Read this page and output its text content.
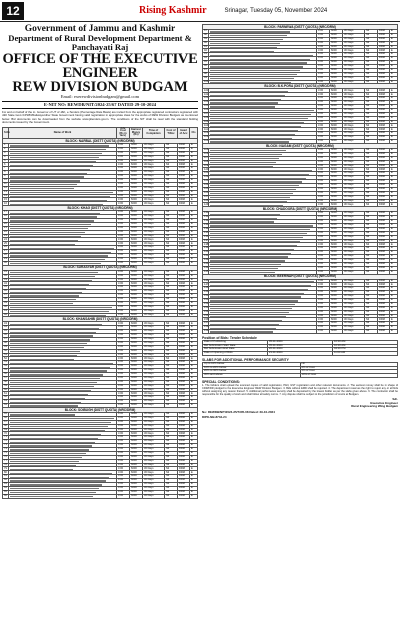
12	Rising Kashmir	Srinagar, Tuesday 05, November 2024
Government of Jammu and Kashmir
Department of Rural Development Department & Panchayati Raj
OFFICE OF THE EXECUTIVE ENGINEER
REW DIVISION BUDGAM
Email: exerewdivisionbudgam@gmail.com
E-NIT NO: REWDB/NIT/2024-25/67 DATED 29-10-2024
For and on behalf of the Lt. Governor of UT of J&K, e-Tenders (Percentage Rate Basis) are invited from the appropriate registered contractors registered with J&K State Govt./CPWD/Railways/other State Government having valid registration in appropriate class for the works of REW Division Budgam as mentioned below. Bid documents can be downloaded from the website www.jktenders.gov.in. The conditions of the NIT shall be read with the standard bidding documents issued by the Government.
S.No	Name of Work	Adv. Cost (Rs in lacs)	Earnest Money (Rs)	Time of Completion	Cost of T/Doc	Head of Acc	Cls
BLOCK: NARBAL (DISTT QUOTA) (NRC/DRM)							
1		3.00	6000	30 Days	Nil	DRM	E
2		3.00	6000	30 Days	Nil	DRM	E
3		3.00	6000	30 Days	Nil	DRM	E
4		3.00	6000	30 Days	Nil	DRM	E
5		3.00	6000	30 Days	Nil	DRM	E
6		3.00	6000	30 Days	Nil	DRM	E
7		3.00	6000	30 Days	Nil	DRM	E
8		3.00	6000	30 Days	Nil	DRM	E
9		3.00	6000	30 Days	Nil	DRM	E
10		3.00	6000	30 Days	Nil	DRM	E
11		3.00	6000	30 Days	Nil	DRM	E
12		3.00	6000	30 Days	Nil	DRM	E
13		3.00	6000	30 Days	Nil	DRM	E
14		3.00	6000	30 Days	Nil	DRM	E
15		3.00	6000	30 Days	Nil	DRM	E
16		3.00	6000	30 Days	Nil	DRM	E
BLOCK: KHAG (DISTT QUOTA) (NRC/DRM)							
17		3.00	6000	30 Days	Nil	DRM	E
18		3.00	6000	30 Days	Nil	DRM	E
19		3.00	6000	30 Days	Nil	DRM	E
20		3.00	6000	30 Days	Nil	DRM	E
21		3.00	6000	30 Days	Nil	DRM	E
22		3.00	6000	30 Days	Nil	DRM	E
23		3.00	6000	30 Days	Nil	DRM	E
24		3.00	6000	30 Days	Nil	DRM	E
25		3.00	6000	30 Days	Nil	DRM	E
26		3.00	6000	30 Days	Nil	DRM	E
27		3.00	6000	30 Days	Nil	DRM	E
28		3.00	6000	30 Days	Nil	DRM	E
29		3.00	6000	30 Days	Nil	DRM	E
30		3.00	6000	30 Days	Nil	DRM	E
BLOCK: SURASYAR (DISTT QUOTA) (NRC/DRM)							
31		3.00	6000	30 Days	Nil	DRM	E
32		3.00	6000	30 Days	Nil	DRM	E
33		3.00	6000	30 Days	Nil	DRM	E
34		3.00	6000	30 Days	Nil	DRM	E
35		3.00	6000	30 Days	Nil	DRM	E
36		3.00	6000	30 Days	Nil	DRM	E
37		3.00	6000	30 Days	Nil	DRM	E
38		3.00	6000	30 Days	Nil	DRM	E
39		3.00	6000	30 Days	Nil	DRM	E
40		3.00	6000	30 Days	Nil	DRM	E
41		3.00	6000	30 Days	Nil	DRM	E
42		3.00	6000	30 Days	Nil	DRM	E
BLOCK: KHANSAHIB (DISTT QUOTA) (NRC/DRM)							
43		3.00	6000	30 Days	Nil	DRM	E
44		3.00	6000	30 Days	Nil	DRM	E
45		3.00	6000	30 Days	Nil	DRM	E
46		3.00	6000	30 Days	Nil	DRM	E
47		3.00	6000	30 Days	Nil	DRM	E
48		3.00	6000	30 Days	Nil	DRM	E
49		3.00	6000	30 Days	Nil	DRM	E
50		3.00	6000	30 Days	Nil	DRM	E
51		3.00	6000	30 Days	Nil	DRM	E
52		3.00	6000	30 Days	Nil	DRM	E
53		3.00	6000	30 Days	Nil	DRM	E
54		3.00	6000	30 Days	Nil	DRM	E
55		3.00	6000	30 Days	Nil	DRM	E
56		3.00	6000	30 Days	Nil	DRM	E
57		3.00	6000	30 Days	Nil	DRM	E
58		3.00	6000	30 Days	Nil	DRM	E
59		3.00	6000	30 Days	Nil	DRM	E
60		3.00	6000	30 Days	Nil	DRM	E
61		3.00	6000	30 Days	Nil	DRM	E
62		3.00	6000	30 Days	Nil	DRM	E
63		3.00	6000	30 Days	Nil	DRM	E
64		3.00	6000	30 Days	Nil	DRM	E
BLOCK: SOIBUGH (DISTT QUOTA) (NRC/DRM)							
65		3.00	6000	30 Days	Nil	DRM	E
66		3.00	6000	30 Days	Nil	DRM	E
67		3.00	6000	30 Days	Nil	DRM	E
68		3.00	6000	30 Days	Nil	DRM	E
69		3.00	6000	30 Days	Nil	DRM	E
70		3.00	6000	30 Days	Nil	DRM	E
71		3.00	6000	30 Days	Nil	DRM	E
72		3.00	6000	30 Days	Nil	DRM	E
73		3.00	6000	30 Days	Nil	DRM	E
74		3.00	6000	30 Days	Nil	DRM	E
75		3.00	6000	30 Days	Nil	DRM	E
76		3.00	6000	30 Days	Nil	DRM	E
77		3.00	6000	30 Days	Nil	DRM	E
78		3.00	6000	30 Days	Nil	DRM	E
79		3.00	6000	30 Days	Nil	DRM	E
80		3.00	6000	30 Days	Nil	DRM	E
81		3.00	6000	30 Days	Nil	DRM	E
82		3.00	6000	30 Days	Nil	DRM	E
83		3.00	6000	30 Days	Nil	DRM	E
84		3.00	6000	30 Days	Nil	DRM	E
85		3.00	6000	30 Days	Nil	DRM	E
86		3.00	6000	30 Days	Nil	DRM	E
BLOCK: PARNEWA (DISTT QUOTA) (NRC/DRM)							
87		3.00	6000	30 Days	Nil	DRM	E
88		3.00	6000	30 Days	Nil	DRM	E
89		3.00	6000	30 Days	Nil	DRM	E
90		3.00	6000	30 Days	Nil	DRM	E
91		3.00	6000	30 Days	Nil	DRM	E
92		3.00	6000	30 Days	Nil	DRM	E
93		3.00	6000	30 Days	Nil	DRM	E
94		3.00	6000	30 Days	Nil	DRM	E
95		3.00	6000	30 Days	Nil	DRM	E
96		3.00	6000	30 Days	Nil	DRM	E
97		3.00	6000	30 Days	Nil	DRM	E
98		3.00	6000	30 Days	Nil	DRM	E
99		3.00	6000	30 Days	Nil	DRM	E
100		3.00	6000	30 Days	Nil	DRM	E
BLOCK: B.K.PORA (DISTT QUOTA) (NRC/DRM)							
101		3.00	6000	30 Days	Nil	DRM	E
102		3.00	6000	30 Days	Nil	DRM	E
103		3.00	6000	30 Days	Nil	DRM	E
104		3.00	6000	30 Days	Nil	DRM	E
105		3.00	6000	30 Days	Nil	DRM	E
106		3.00	6000	30 Days	Nil	DRM	E
107		3.00	6000	30 Days	Nil	DRM	E
108		3.00	6000	30 Days	Nil	DRM	E
109		3.00	6000	30 Days	Nil	DRM	E
110		3.00	6000	30 Days	Nil	DRM	E
111		3.00	6000	30 Days	Nil	DRM	E
112		3.00	6000	30 Days	Nil	DRM	E
113		3.00	6000	30 Days	Nil	DRM	E
114		3.00	6000	30 Days	Nil	DRM	E
BLOCK: NAGAM (DISTT QUOTA) (NRC/DRM)							
115		3.00	6000	30 Days	Nil	DRM	E
116		3.00	6000	30 Days	Nil	DRM	E
117		3.00	6000	30 Days	Nil	DRM	E
118		3.00	6000	30 Days	Nil	DRM	E
119		3.00	6000	30 Days	Nil	DRM	E
120		3.00	6000	30 Days	Nil	DRM	E
121		3.00	6000	30 Days	Nil	DRM	E
122		3.00	6000	30 Days	Nil	DRM	E
123		3.00	6000	30 Days	Nil	DRM	E
124		3.00	6000	30 Days	Nil	DRM	E
125		3.00	6000	30 Days	Nil	DRM	E
126		3.00	6000	30 Days	Nil	DRM	E
127		3.00	6000	30 Days	Nil	DRM	E
128		3.00	6000	30 Days	Nil	DRM	E
129		3.00	6000	30 Days	Nil	DRM	E
BLOCK: CHADOORA (DISTT QUOTA) (NRC/DRM)							
130		3.00	6000	30 Days	Nil	DRM	E
131		3.00	6000	30 Days	Nil	DRM	E
132		3.00	6000	30 Days	Nil	DRM	E
133		3.00	6000	30 Days	Nil	DRM	E
134		3.00	6000	30 Days	Nil	DRM	E
135		3.00	6000	30 Days	Nil	DRM	E
136		3.00	6000	30 Days	Nil	DRM	E
137		3.00	6000	30 Days	Nil	DRM	E
138		3.00	6000	30 Days	Nil	DRM	E
139		3.00	6000	30 Days	Nil	DRM	E
140		3.00	6000	30 Days	Nil	DRM	E
141		3.00	6000	30 Days	Nil	DRM	E
142		3.00	6000	30 Days	Nil	DRM	E
143		3.00	6000	30 Days	Nil	DRM	E
144		3.00	6000	30 Days	Nil	DRM	E
145		3.00	6000	30 Days	Nil	DRM	E
BLOCK: BEERWAH (DISTT QUOTA) (NRC/DRM)							
146		3.00	6000	30 Days	Nil	DRM	E
147		3.00	6000	30 Days	Nil	DRM	E
148		3.00	6000	30 Days	Nil	DRM	E
149		3.00	6000	30 Days	Nil	DRM	E
150		3.00	6000	30 Days	Nil	DRM	E
151		3.00	6000	30 Days	Nil	DRM	E
152		3.00	6000	30 Days	Nil	DRM	E
153		3.00	6000	30 Days	Nil	DRM	E
154		3.00	6000	30 Days	Nil	DRM	E
155		3.00	6000	30 Days	Nil	DRM	E
156		3.00	6000	30 Days	Nil	DRM	E
157		3.00	6000	30 Days	Nil	DRM	E
158		3.00	6000	30 Days	Nil	DRM	E
159		3.00	6000	30 Days	Nil	DRM	E
Position of Bids: Tender Schedule
Date of Publishing	05-11-2024	10:00 AM
Bid Submission Start Date	05-11-2024	10:00 AM
Bid Submission End Date	20-11-2024	04:00 PM
Date of Opening of Bids	21-11-2024	11:00 AM
SLABS FOR ADDITIONAL PERFORMANCE SECURITY
Up to 10% below	Nil
10% to 20% below	2% of Cost
20% to 30% below	5% of Cost
30% and above	10% of Cost
SPECIAL CONDITIONS:
1. The bidders shall upload the scanned copies of valid registration, PAN, GST registration and other relevant documents. 2. The earnest money shall be in shape of CDR/FDR pledged to the Executive Engineer REW Division Budgam. 3. Bids without EMD shall be rejected. 4. The department reserves the right to reject any or all bids without assigning any reason thereof. 5. Additional performance security shall be deposited by the lowest bidder as per the slabs given above. 6. The contractor shall be responsible for the quality of work and shall follow all safety norms. 7. Any dispute shall be subject to the jurisdiction of courts at Budgam.
Sd/-
Executive Engineer
Rural Engineering Wing Budgam
No: REWDB/NIT/2024-25/7305-08 Dated: 29-10-2024
DIPK-NB-8734-24
